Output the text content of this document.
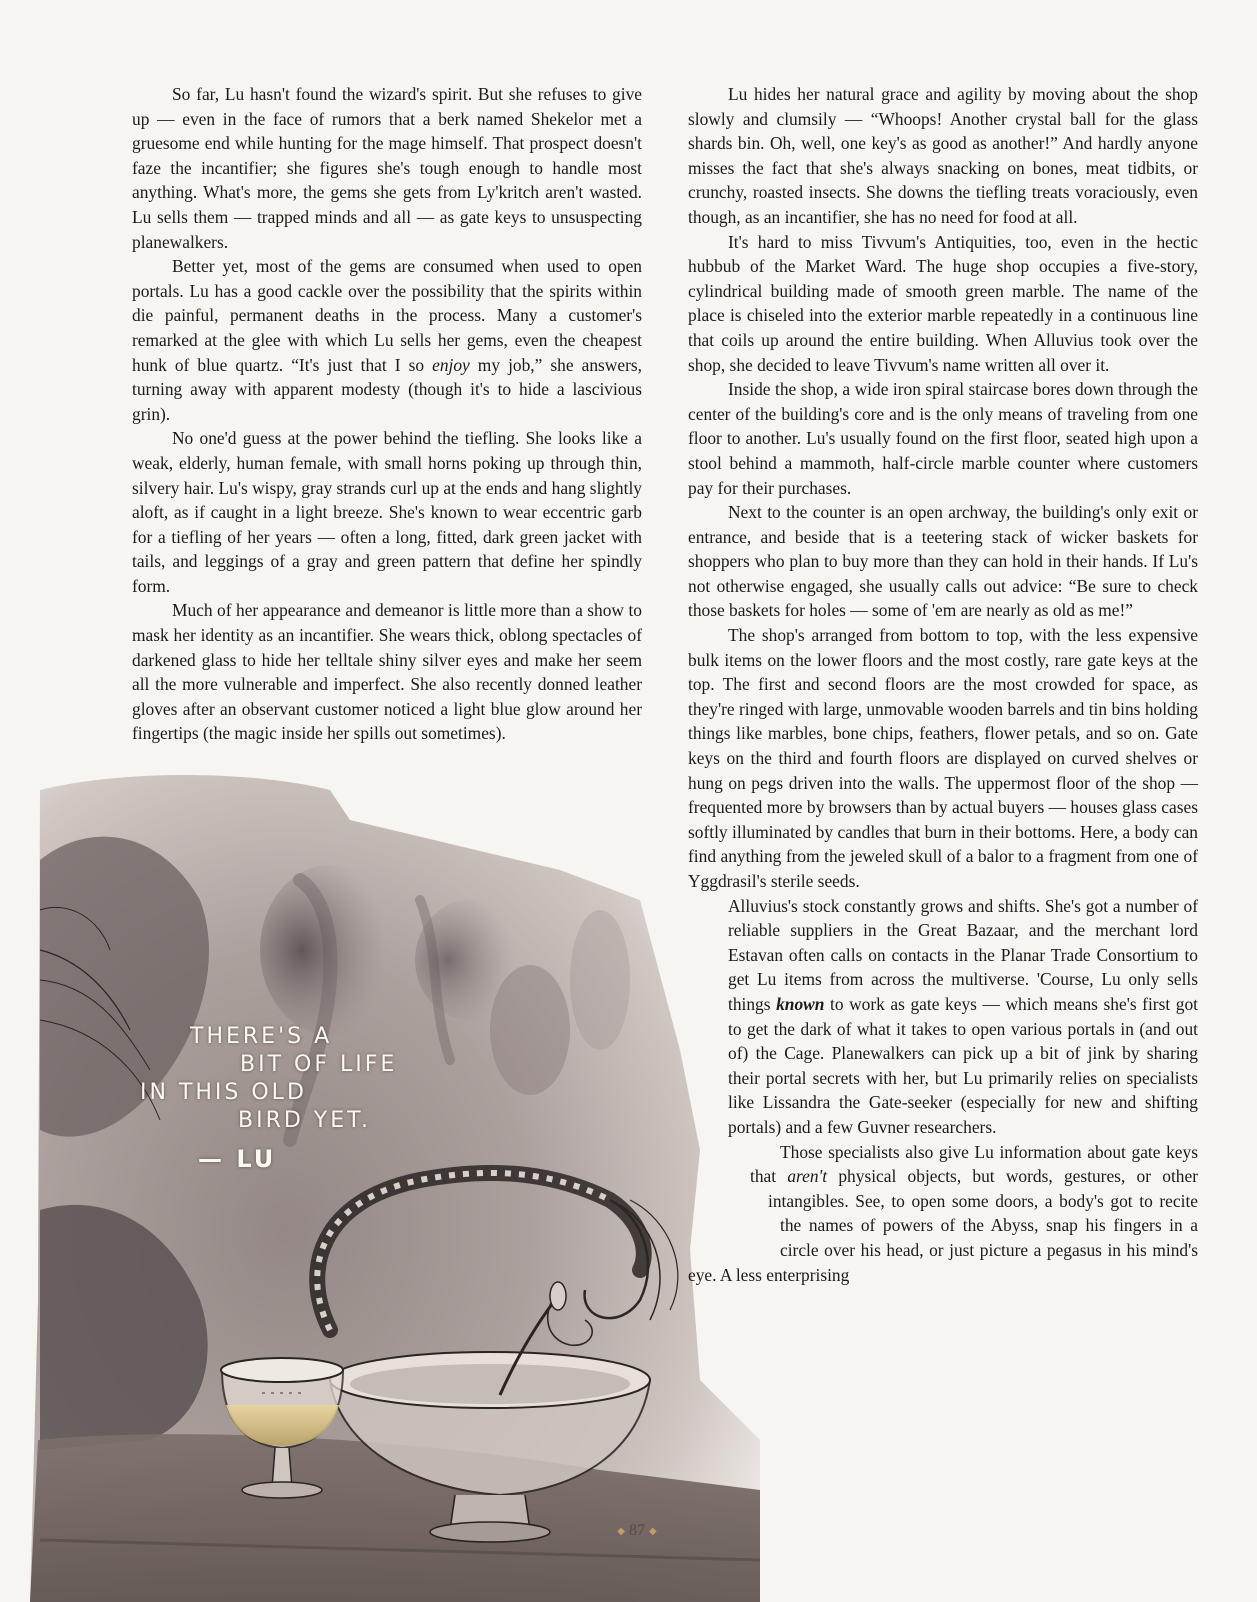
So far, Lu hasn't found the wizard's spirit. But she refuses to give up — even in the face of rumors that a berk named Shekelor met a gruesome end while hunting for the mage himself. That prospect doesn't faze the incantifier; she figures she's tough enough to handle most anything. What's more, the gems she gets from Ly'kritch aren't wasted. Lu sells them — trapped minds and all — as gate keys to unsuspecting planewalkers.

Better yet, most of the gems are consumed when used to open portals. Lu has a good cackle over the possibility that the spirits within die painful, permanent deaths in the process. Many a customer's remarked at the glee with which Lu sells her gems, even the cheapest hunk of blue quartz. “It's just that I so enjoy my job,” she answers, turning away with apparent modesty (though it's to hide a lascivious grin).

No one'd guess at the power behind the tiefling. She looks like a weak, elderly, human female, with small horns poking up through thin, silvery hair. Lu's wispy, gray strands curl up at the ends and hang slightly aloft, as if caught in a light breeze. She's known to wear eccentric garb for a tiefling of her years — often a long, fitted, dark green jacket with tails, and leggings of a gray and green pattern that define her spindly form.

Much of her appearance and demeanor is little more than a show to mask her identity as an incantifier. She wears thick, oblong spectacles of darkened glass to hide her telltale shiny silver eyes and make her seem all the more vulnerable and imperfect. She also recently donned leather gloves after an observant customer noticed a light blue glow around her fingertips (the magic inside her spills out sometimes).

Lu hides her natural grace and agility by moving about the shop slowly and clumsily — “Whoops! Another crystal ball for the glass shards bin. Oh, well, one key's as good as another!” And hardly anyone misses the fact that she's always snacking on bones, meat tidbits, or crunchy, roasted insects. She downs the tiefling treats voraciously, even though, as an incantifier, she has no need for food at all.

It's hard to miss Tivvum's Antiquities, too, even in the hectic hubbub of the Market Ward. The huge shop occupies a five-story, cylindrical building made of smooth green marble. The name of the place is chiseled into the exterior marble repeatedly in a continuous line that coils up around the entire building. When Alluvius took over the shop, she decided to leave Tivvum's name written all over it.

Inside the shop, a wide iron spiral staircase bores down through the center of the building's core and is the only means of traveling from one floor to another. Lu's usually found on the first floor, seated high upon a stool behind a mammoth, half-circle marble counter where customers pay for their purchases.

Next to the counter is an open archway, the building's only exit or entrance, and beside that is a teetering stack of wicker baskets for shoppers who plan to buy more than they can hold in their hands. If Lu's not otherwise engaged, she usually calls out advice: “Be sure to check those baskets for holes — some of 'em are nearly as old as me!”

The shop's arranged from bottom to top, with the less expensive bulk items on the lower floors and the most costly, rare gate keys at the top. The first and second floors are the most crowded for space, as they're ringed with large, unmovable wooden barrels and tin bins holding things like marbles, bone chips, feathers, flower petals, and so on. Gate keys on the third and fourth floors are displayed on curved shelves or hung on pegs driven into the walls. The uppermost floor of the shop — frequented more by browsers than by actual buyers — houses glass cases softly illuminated by candles that burn in their bottoms. Here, a body can find anything from the jeweled skull of a balor to a fragment from one of Yggdrasil's sterile seeds.

Alluvius's stock constantly grows and shifts. She's got a number of reliable suppliers in the Great Bazaar, and the merchant lord Estavan often calls on contacts in the Planar Trade Consortium to get Lu items from across the multiverse. 'Course, Lu only sells things known to work as gate keys — which means she's first got to get the dark of what it takes to open various portals in (and out of) the Cage. Planewalkers can pick up a bit of jink by sharing their portal secrets with her, but Lu primarily relies on specialists like Lissandra the Gate-seeker (especially for new and shifting portals) and a few Guvner researchers.

Those specialists also give Lu information about gate keys that aren't physical objects, but words, gestures, or other intangibles. See, to open some doors, a body's got to recite the names of powers of the Abyss, snap his fingers in a circle over his head, or just picture a pegasus in his mind's eye. A less enterprising

THERE'S A
BIT OF LIFE
IN THIS OLD
BIRD YET.
— LU
◆ 87 ◆
